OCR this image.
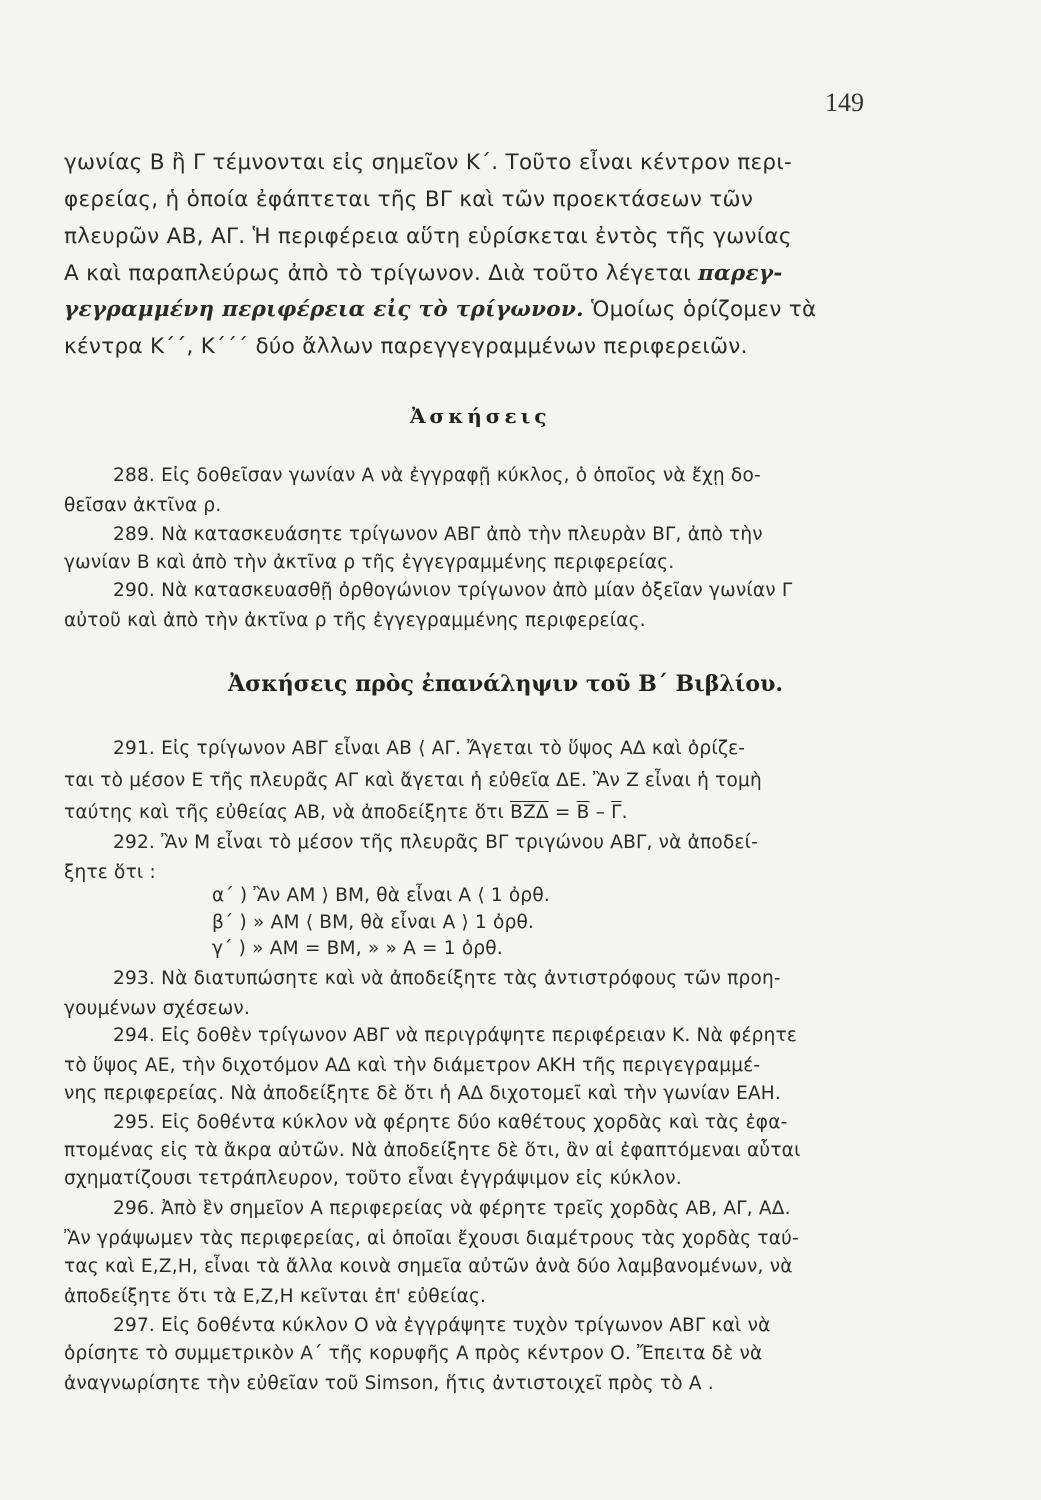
149
γωνίας Β ἢ Γ τέμνονται εἰς σημεῖον Κ΄. Τοῦτο εἶναι κέντρον περι-
φερείας, ἡ ὁποία ἐφάπτεται τῆς ΒΓ καὶ τῶν προεκτάσεων τῶν
πλευρῶν ΑΒ, ΑΓ. Ἡ περιφέρεια αὕτη εὑρίσκεται ἐντὸς τῆς γωνίας
Α καὶ παραπλεύρως ἀπὸ τὸ τρίγωνον. Διὰ τοῦτο λέγεται παρεγ-
γεγραμμένη περιφέρεια εἰς τὸ τρίγωνον. Ὁμοίως ὁρίζομεν τὰ
κέντρα Κ΄΄, Κ΄΄΄ δύο ἄλλων παρεγγεγραμμένων περιφερειῶν.
Ἀσκήσεις
288. Εἰς δοθεῖσαν γωνίαν Α νὰ ἐγγραφῇ κύκλος, ὁ ὁποῖος νὰ ἔχῃ δο-
θεῖσαν ἀκτῖνα ρ.
289. Νὰ κατασκευάσητε τρίγωνον ΑΒΓ ἀπὸ τὴν πλευρὰν ΒΓ, ἀπὸ τὴν
γωνίαν Β καὶ ἀπὸ τὴν ἀκτῖνα ρ τῆς ἐγγεγραμμένης περιφερείας.
290. Νὰ κατασκευασθῇ ὀρθογώνιον τρίγωνον ἀπὸ μίαν ὀξεῖαν γωνίαν Γ
αὐτοῦ καὶ ἀπὸ τὴν ἀκτῖνα ρ τῆς ἐγγεγραμμένης περιφερείας.
Ἀσκήσεις πρὸς ἐπανάληψιν τοῦ Β΄ Βιβλίου.
291. Εἰς τρίγωνον ΑΒΓ εἶναι ΑΒ ⟨ ΑΓ. Ἄγεται τὸ ὕψος ΑΔ καὶ ὁρίζε-
ται τὸ μέσον Ε τῆς πλευρᾶς ΑΓ καὶ ἄγεται ἡ εὐθεῖα ΔΕ. Ἂν Ζ εἶναι ἡ τομὴ
ταύτης καὶ τῆς εὐθείας ΑΒ, νὰ ἀποδείξητε ὅτι $\overline{BZ\Delta} = \overline{B} - \overline{\Gamma}$.
292. Ἂν Μ εἶναι τὸ μέσον τῆς πλευρᾶς ΒΓ τριγώνου ΑΒΓ, νὰ ἀποδεί-
ξητε ὅτι :
α΄ ) Ἂν ΑΜ ⟩ ΒΜ, θὰ εἶναι Α ⟨ 1 ὀρθ.
β΄ ) » ΑΜ ⟨ ΒΜ, θὰ εἶναι Α ⟩ 1 ὀρθ.
γ΄ ) » ΑΜ = ΒΜ, » » Α = 1 ὀρθ.
293. Νὰ διατυπώσητε καὶ νὰ ἀποδείξητε τὰς ἀντιστρόφους τῶν προη-
γουμένων σχέσεων.
294. Εἰς δοθὲν τρίγωνον ΑΒΓ νὰ περιγράψητε περιφέρειαν Κ. Νὰ φέρητε
τὸ ὕψος ΑΕ, τὴν διχοτόμον ΑΔ καὶ τὴν διάμετρον ΑΚΗ τῆς περιγεγραμμέ-
νης περιφερείας. Νὰ ἀποδείξητε δὲ ὅτι ἡ ΑΔ διχοτομεῖ καὶ τὴν γωνίαν ΕΑΗ.
295. Εἰς δοθέντα κύκλον νὰ φέρητε δύο καθέτους χορδὰς καὶ τὰς ἐφα-
πτομένας εἰς τὰ ἄκρα αὐτῶν. Νὰ ἀποδείξητε δὲ ὅτι, ἂν αἱ ἐφαπτόμεναι αὗται
σχηματίζουσι τετράπλευρον, τοῦτο εἶναι ἐγγράψιμον εἰς κύκλον.
296. Ἀπὸ ἓν σημεῖον Α περιφερείας νὰ φέρητε τρεῖς χορδὰς ΑΒ, ΑΓ, ΑΔ.
Ἂν γράψωμεν τὰς περιφερείας, αἱ ὁποῖαι ἔχουσι διαμέτρους τὰς χορδὰς ταύ-
τας καὶ Ε,Ζ,Η, εἶναι τὰ ἄλλα κοινὰ σημεῖα αὐτῶν ἀνὰ δύο λαμβανομένων, νὰ
ἀποδείξητε ὅτι τὰ Ε,Ζ,Η κεῖνται ἐπ' εὐθείας.
297. Εἰς δοθέντα κύκλον Ο νὰ ἐγγράψητε τυχὸν τρίγωνον ΑΒΓ καὶ νὰ
ὁρίσητε τὸ συμμετρικὸν Α΄ τῆς κορυφῆς Α πρὸς κέντρον Ο. Ἔπειτα δὲ νὰ
ἀναγνωρίσητε τὴν εὐθεῖαν τοῦ Simson, ἥτις ἀντιστοιχεῖ πρὸς τὸ Α .
